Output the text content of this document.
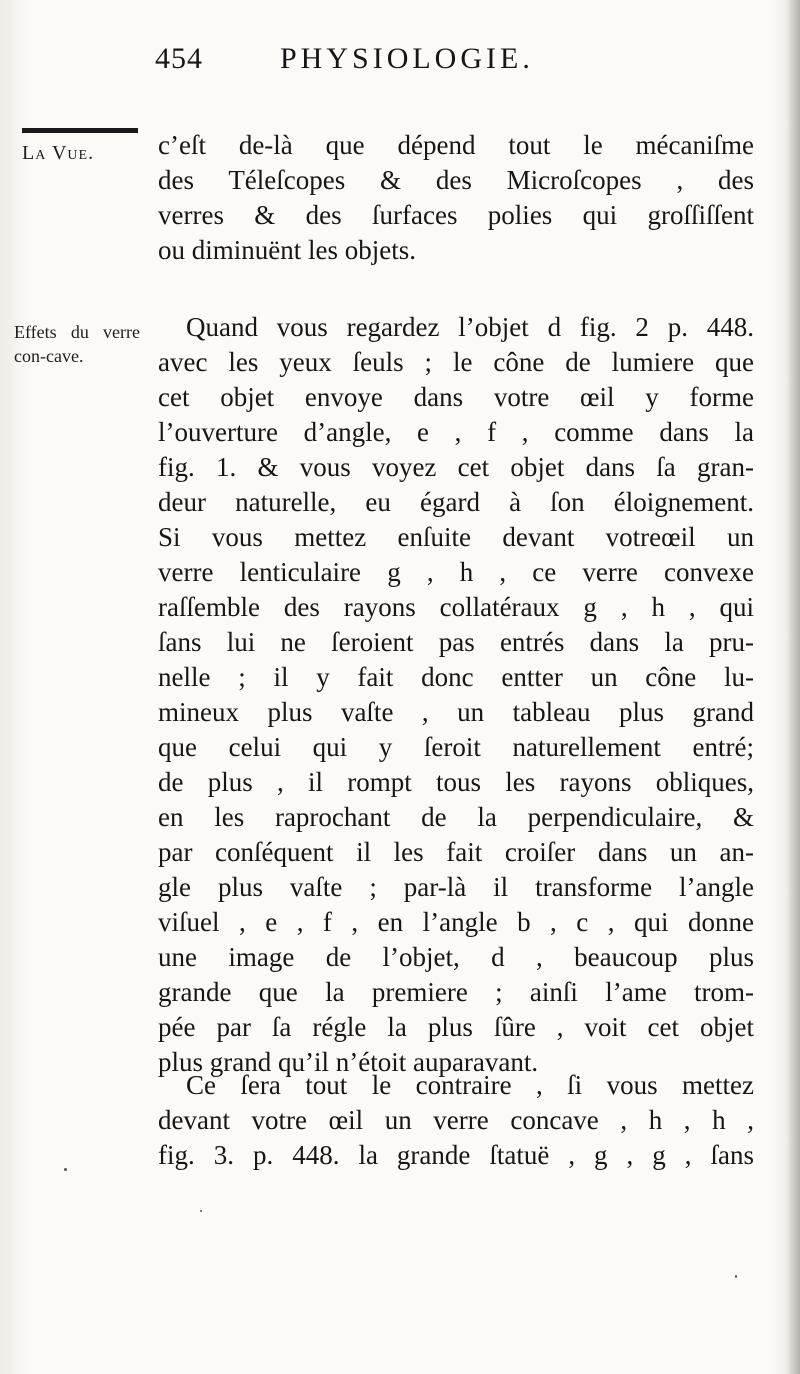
454	PHYSIOLOGIE.
La Vue.
Effets du verre con-cave.
c’eſt de-là que dépend tout le mécaniſme
des Téleſcopes & des Microſcopes , des
verres & des ſurfaces polies qui groſſiſſent
ou diminuënt les objets.
Quand vous regardez l’objet d fig. 2 p. 448.
avec les yeux ſeuls ; le cône de lumiere que
cet objet envoye dans votre œil y forme
l’ouverture d’angle, e , f , comme dans la
fig. 1. & vous voyez cet objet dans ſa gran-
deur naturelle, eu égard à ſon éloignement.
Si vous mettez enſuite devant votreœil un
verre lenticulaire g , h , ce verre convexe
raſſemble des rayons collatéraux g , h , qui
ſans lui ne ſeroient pas entrés dans la pru-
nelle ; il y fait donc entter un cône lu-
mineux plus vaſte , un tableau plus grand
que celui qui y ſeroit naturellement entré;
de plus , il rompt tous les rayons obliques,
en les raprochant de la perpendiculaire, &
par conſéquent il les fait croiſer dans un an-
gle plus vaſte ; par-là il transforme l’angle
viſuel , e , f , en l’angle b , c , qui donne
une image de l’objet, d , beaucoup plus
grande que la premiere ; ainſi l’ame trom-
pée par ſa régle la plus ſûre , voit cet objet
plus grand qu’il n’étoit auparavant.
Ce ſera tout le contraire , ſi vous mettez
devant votre œil un verre concave , h , h ,
fig. 3. p. 448. la grande ſtatuë , g , g , ſans
